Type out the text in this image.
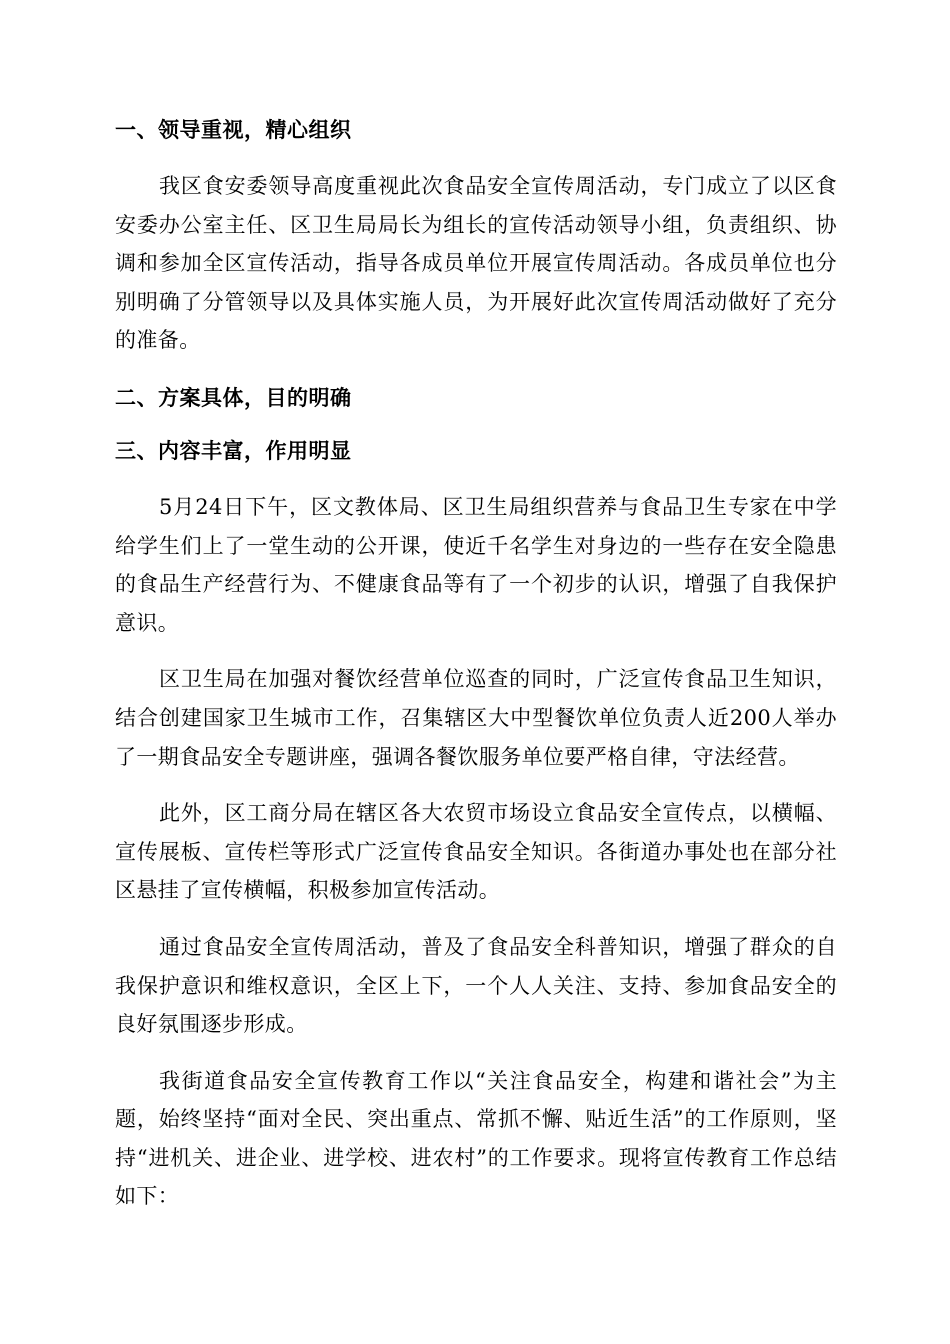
一、领导重视，精心组织

我区食安委领导高度重视此次食品安全宣传周活动，专门成立了以区食安委办公室主任、区卫生局局长为组长的宣传活动领导小组，负责组织、协调和参加全区宣传活动，指导各成员单位开展宣传周活动。各成员单位也分别明确了分管领导以及具体实施人员，为开展好此次宣传周活动做好了充分的准备。

二、方案具体，目的明确
三、内容丰富，作用明显

5月24日下午，区文教体局、区卫生局组织营养与食品卫生专家在中学给学生们上了一堂生动的公开课，使近千名学生对身边的一些存在安全隐患的食品生产经营行为、不健康食品等有了一个初步的认识，增强了自我保护意识。

区卫生局在加强对餐饮经营单位巡查的同时，广泛宣传食品卫生知识，结合创建国家卫生城市工作，召集辖区大中型餐饮单位负责人近200人举办了一期食品安全专题讲座，强调各餐饮服务单位要严格自律，守法经营。

此外，区工商分局在辖区各大农贸市场设立食品安全宣传点，以横幅、宣传展板、宣传栏等形式广泛宣传食品安全知识。各街道办事处也在部分社区悬挂了宣传横幅，积极参加宣传活动。

通过食品安全宣传周活动，普及了食品安全科普知识，增强了群众的自我保护意识和维权意识，全区上下，一个人人关注、支持、参加食品安全的良好氛围逐步形成。

我街道食品安全宣传教育工作以“关注食品安全，构建和谐社会”为主题，始终坚持“面对全民、突出重点、常抓不懈、贴近生活”的工作原则，坚持“进机关、进企业、进学校、进农村”的工作要求。现将宣传教育工作总结如下：
